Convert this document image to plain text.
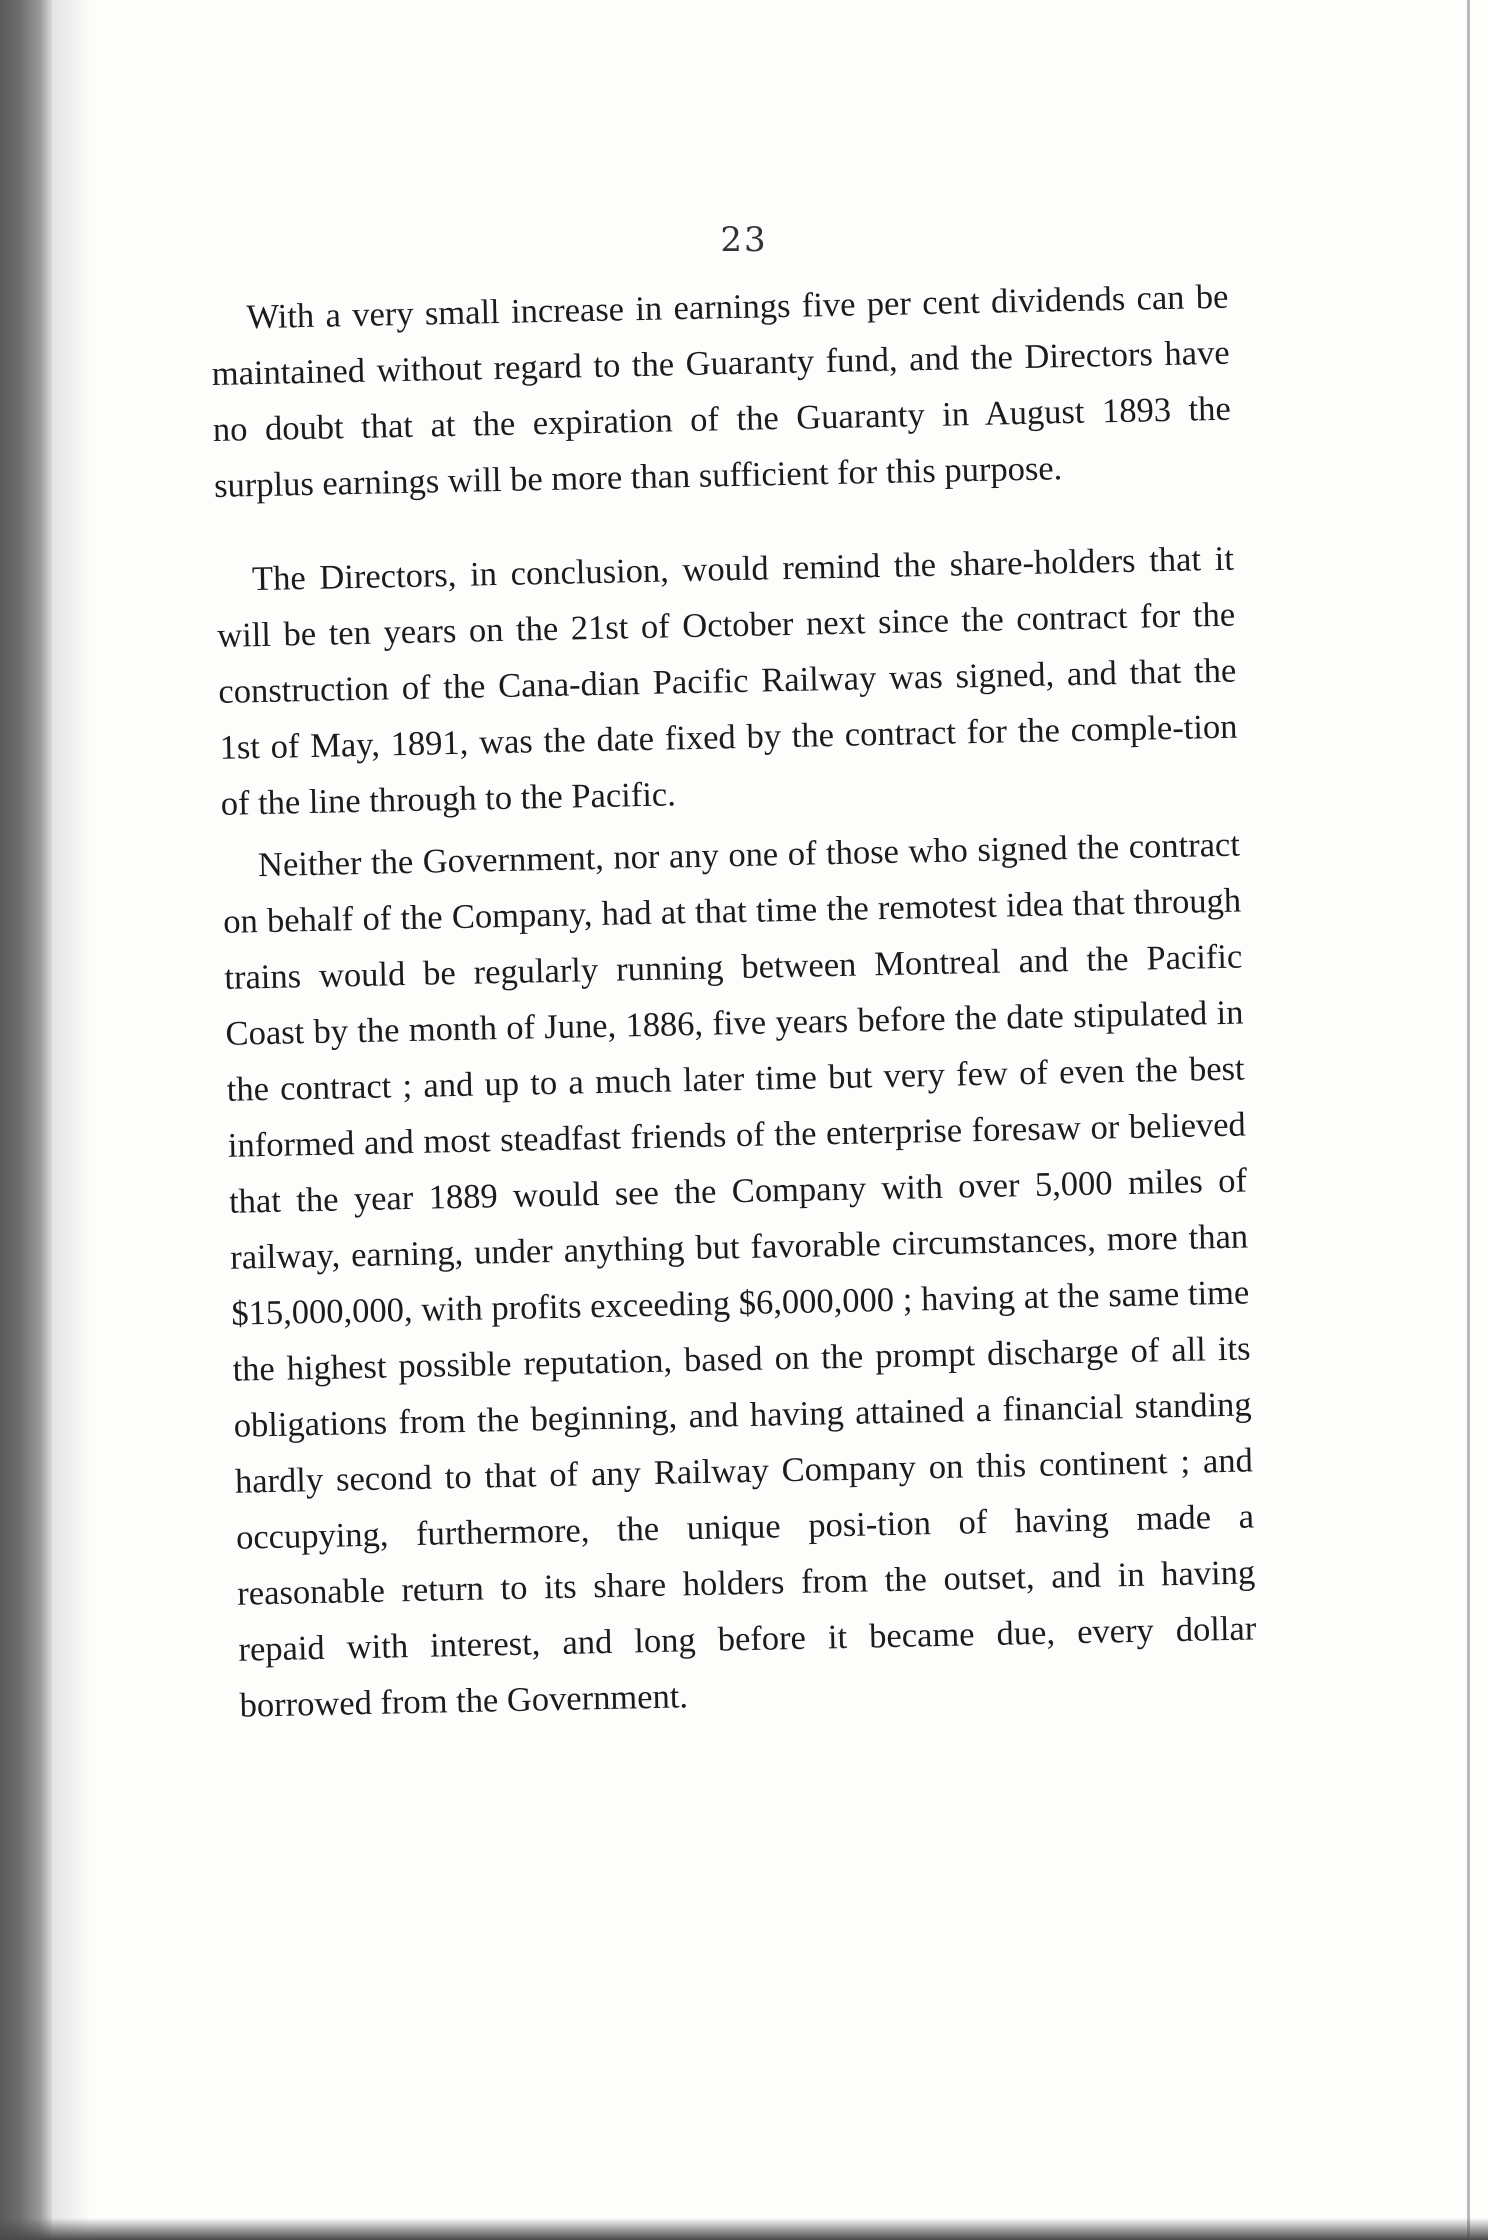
23

With a very small increase in earnings five per cent dividends can be maintained without regard to the Guaranty fund, and the Directors have no doubt that at the expiration of the Guaranty in August 1893 the surplus earnings will be more than sufficient for this purpose.

The Directors, in conclusion, would remind the share-holders that it will be ten years on the 21st of October next since the contract for the construction of the Cana-dian Pacific Railway was signed, and that the 1st of May, 1891, was the date fixed by the contract for the comple-tion of the line through to the Pacific.

Neither the Government, nor any one of those who signed the contract on behalf of the Company, had at that time the remotest idea that through trains would be regularly running between Montreal and the Pacific Coast by the month of June, 1886, five years before the date stipulated in the contract ; and up to a much later time but very few of even the best informed and most steadfast friends of the enterprise foresaw or believed that the year 1889 would see the Company with over 5,000 miles of railway, earning, under anything but favorable circumstances, more than $15,000,000, with profits exceeding $6,000,000 ; having at the same time the highest possible reputation, based on the prompt discharge of all its obligations from the beginning, and having attained a financial standing hardly second to that of any Railway Company on this continent ; and occupying, furthermore, the unique posi-tion of having made a reasonable return to its share holders from the outset, and in having repaid with interest, and long before it became due, every dollar borrowed from the Government.
